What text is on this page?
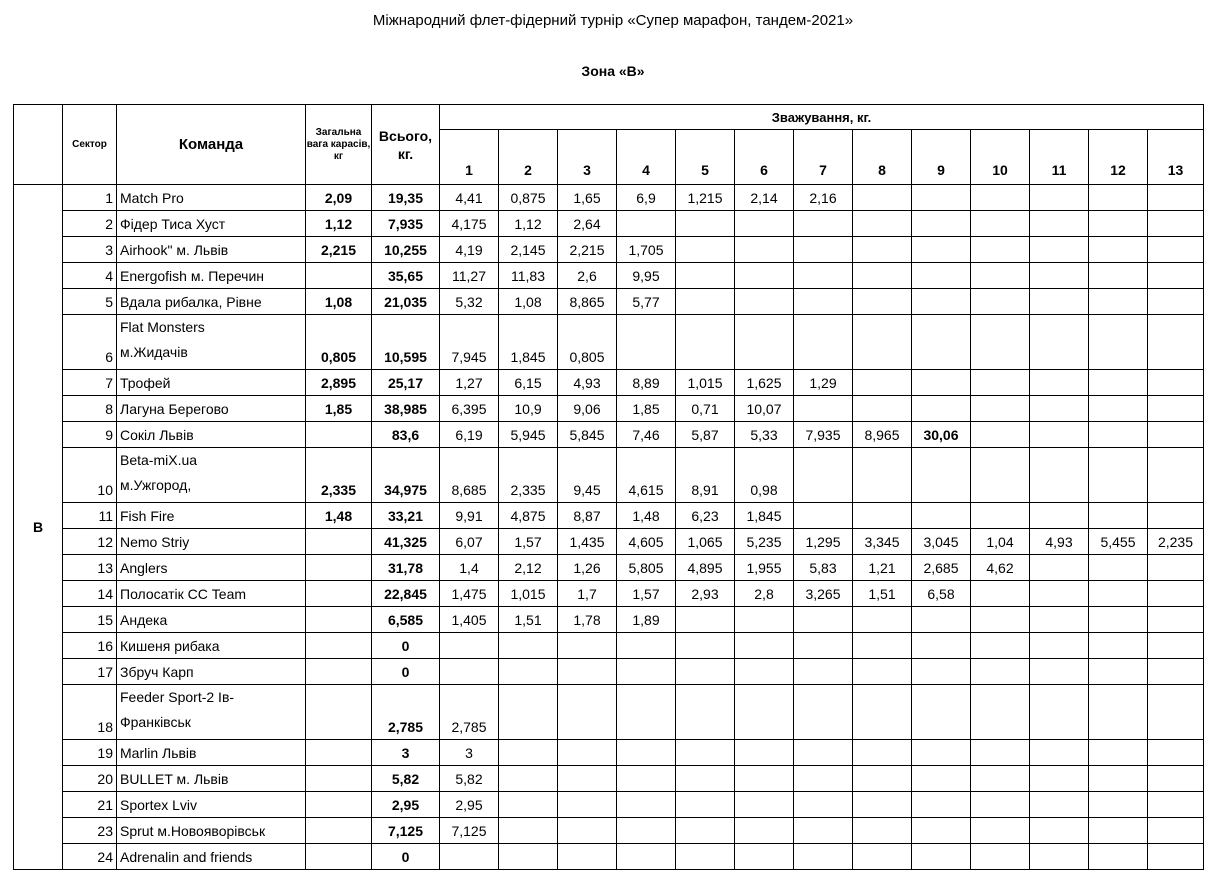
Міжнародний флет-фідерний турнір «Супер марафон, тандем-2021»
Зона «В»
	Сектор	Команда	Загальна вага карасів, кг	Всього, кг.	Зважування, кг.												
					1	2	3	4	5	6	7	8	9	10	11	12	13
В	1	Match Pro	2,09	19,35	4,41	0,875	1,65	6,9	1,215	2,14	2,16						
	2	Фідер Тиса Хуст	1,12	7,935	4,175	1,12	2,64										
	3	Airhook" м. Львів	2,215	10,255	4,19	2,145	2,215	1,705									
	4	Energofish м. Перечин		35,65	11,27	11,83	2,6	9,95									
	5	Вдала рибалка, Рівне	1,08	21,035	5,32	1,08	8,865	5,77									
	6	Flat Monsters
м.Жидачів	0,805	10,595	7,945	1,845	0,805										
	7	Трофей	2,895	25,17	1,27	6,15	4,93	8,89	1,015	1,625	1,29						
	8	Лагуна Берегово	1,85	38,985	6,395	10,9	9,06	1,85	0,71	10,07							
	9	Сокіл Львів		83,6	6,19	5,945	5,845	7,46	5,87	5,33	7,935	8,965	30,06				
	10	Beta-miX.ua
м.Ужгород,	2,335	34,975	8,685	2,335	9,45	4,615	8,91	0,98							
	11	Fish Fire	1,48	33,21	9,91	4,875	8,87	1,48	6,23	1,845							
	12	Nemo Striy		41,325	6,07	1,57	1,435	4,605	1,065	5,235	1,295	3,345	3,045	1,04	4,93	5,455	2,235
	13	Anglers		31,78	1,4	2,12	1,26	5,805	4,895	1,955	5,83	1,21	2,685	4,62			
	14	Полосатік СС Team		22,845	1,475	1,015	1,7	1,57	2,93	2,8	3,265	1,51	6,58				
	15	Андека		6,585	1,405	1,51	1,78	1,89									
	16	Кишеня рибака		0													
	17	Збруч Карп		0													
	18	Feeder Sport-2 Ів-
Франківськ		2,785	2,785												
	19	Marlin Львів		3	3												
	20	BULLET м. Львів		5,82	5,82												
	21	Sportex Lviv		2,95	2,95												
	23	Sprut м.Новояворівськ		7,125	7,125												
	24	Adrenalin and friends		0													
